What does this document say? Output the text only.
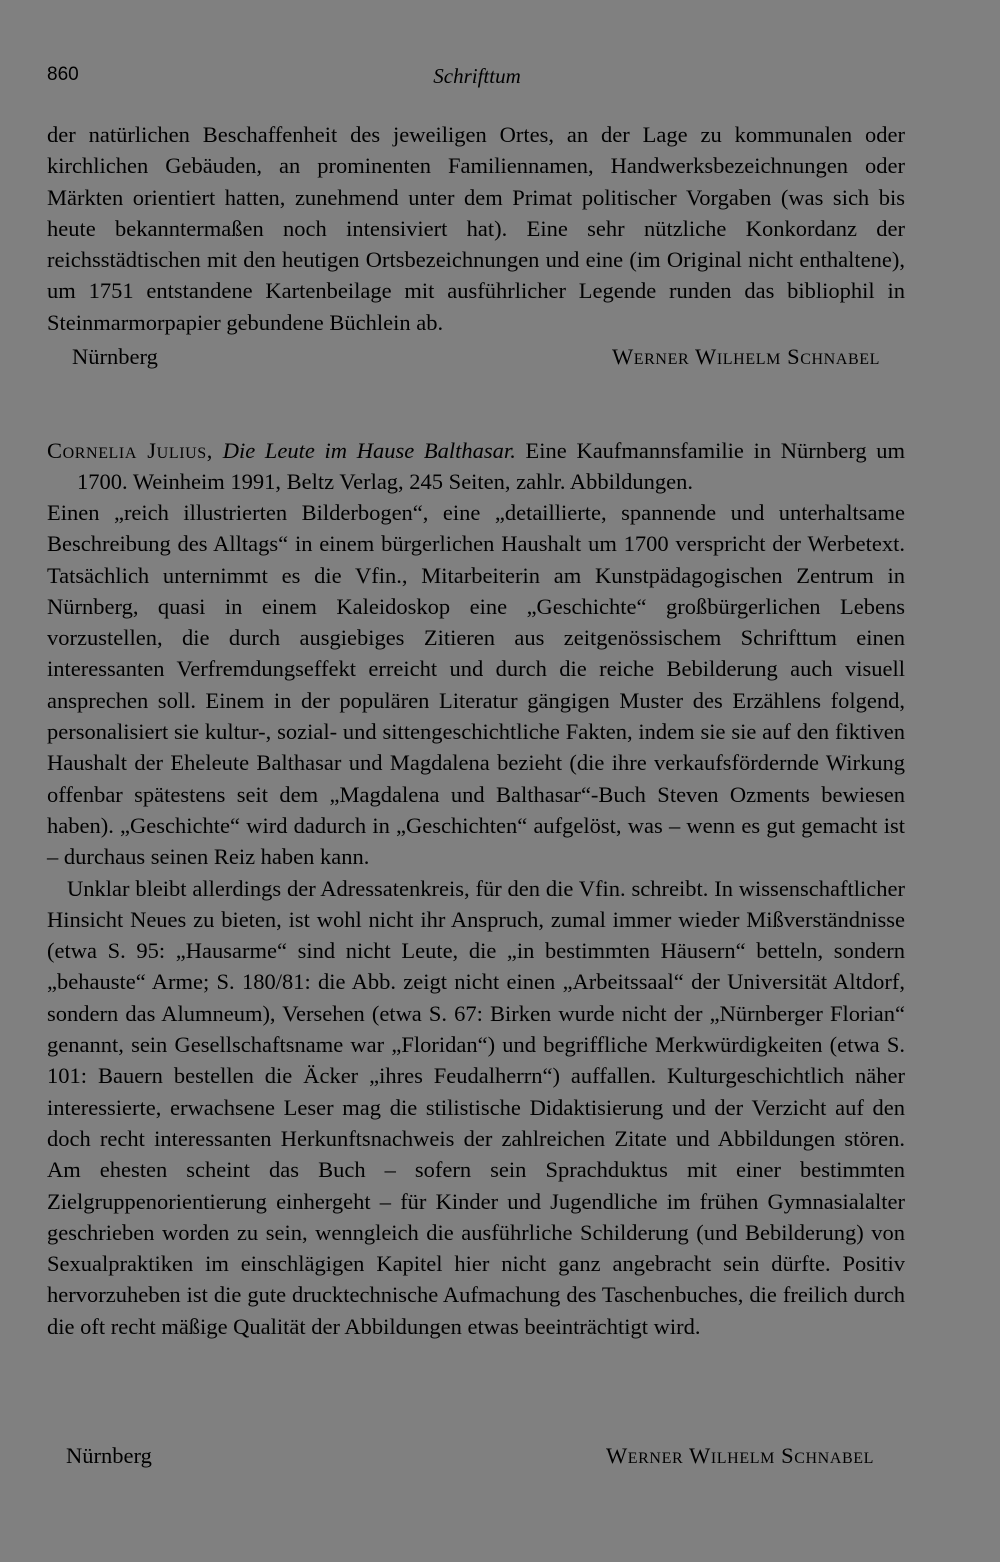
860	Schrifttum

der natürlichen Beschaffenheit des jeweiligen Ortes, an der Lage zu kommunalen oder kirchlichen Gebäuden, an prominenten Familiennamen, Handwerksbezeichnungen oder Märkten orientiert hatten, zunehmend unter dem Primat politischer Vorgaben (was sich bis heute bekanntermaßen noch intensiviert hat). Eine sehr nützliche Konkordanz der reichsstädtischen mit den heutigen Ortsbezeichnungen und eine (im Original nicht enthaltene), um 1751 entstandene Kartenbeilage mit ausführlicher Legende runden das bibliophil in Steinmarmorpapier gebundene Büchlein ab.

Nürnberg	Werner Wilhelm Schnabel
Cornelia Julius, Die Leute im Hause Balthasar. Eine Kaufmannsfamilie in Nürnberg um 1700. Weinheim 1991, Beltz Verlag, 245 Seiten, zahlr. Abbildungen.

Einen „reich illustrierten Bilderbogen“, eine „detaillierte, spannende und unterhaltsame Beschreibung des Alltags“ in einem bürgerlichen Haushalt um 1700 verspricht der Werbetext. Tatsächlich unternimmt es die Vfin., Mitarbeiterin am Kunstpädagogischen Zentrum in Nürnberg, quasi in einem Kaleidoskop eine „Geschichte“ großbürgerlichen Lebens vorzustellen, die durch ausgiebiges Zitieren aus zeitgenössischem Schrifttum einen interessanten Verfremdungseffekt erreicht und durch die reiche Bebilderung auch visuell ansprechen soll. Einem in der populären Literatur gängigen Muster des Erzählens folgend, personalisiert sie kultur-, sozial- und sittengeschichtliche Fakten, indem sie sie auf den fiktiven Haushalt der Eheleute Balthasar und Magdalena bezieht (die ihre verkaufsfördernde Wirkung offenbar spätestens seit dem „Magdalena und Balthasar“-Buch Steven Ozments bewiesen haben). „Geschichte“ wird dadurch in „Geschichten“ aufgelöst, was – wenn es gut gemacht ist – durchaus seinen Reiz haben kann.

Unklar bleibt allerdings der Adressatenkreis, für den die Vfin. schreibt. In wissenschaftlicher Hinsicht Neues zu bieten, ist wohl nicht ihr Anspruch, zumal immer wieder Mißverständnisse (etwa S. 95: „Hausarme“ sind nicht Leute, die „in bestimmten Häusern“ betteln, sondern „behauste“ Arme; S. 180/81: die Abb. zeigt nicht einen „Arbeitssaal“ der Universität Altdorf, sondern das Alumneum), Versehen (etwa S. 67: Birken wurde nicht der „Nürnberger Florian“ genannt, sein Gesellschaftsname war „Floridan“) und begriffliche Merkwürdigkeiten (etwa S. 101: Bauern bestellen die Äcker „ihres Feudalherrn“) auffallen. Kulturgeschichtlich näher interessierte, erwachsene Leser mag die stilistische Didaktisierung und der Verzicht auf den doch recht interessanten Herkunftsnachweis der zahlreichen Zitate und Abbildungen stören. Am ehesten scheint das Buch – sofern sein Sprachduktus mit einer bestimmten Zielgruppenorientierung einhergeht – für Kinder und Jugendliche im frühen Gymnasialalter geschrieben worden zu sein, wenngleich die ausführliche Schilderung (und Bebilderung) von Sexualpraktiken im einschlägigen Kapitel hier nicht ganz angebracht sein dürfte. Positiv hervorzuheben ist die gute drucktechnische Aufmachung des Taschenbuches, die freilich durch die oft recht mäßige Qualität der Abbildungen etwas beeinträchtigt wird.

Nürnberg	Werner Wilhelm Schnabel
